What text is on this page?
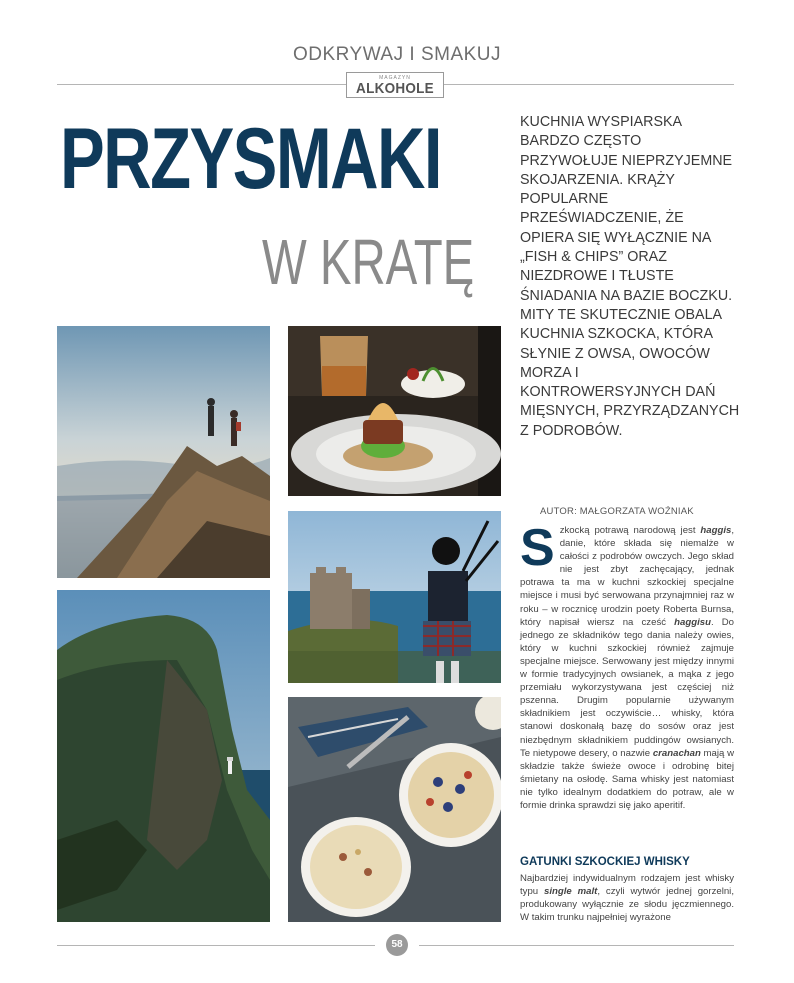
ODKRYWAJ I SMAKUJ
MAGAZYN
ALKOHOLE
PRZYSMAKI
W KRATĘ
KUCHNIA WYSPIARSKA BARDZO CZĘSTO PRZYWOŁUJE NIEPRZYJEMNE SKOJARZENIA. KRĄŻY POPULARNE PRZEŚWIADCZENIE, ŻE OPIERA SIĘ WYŁĄCZNIE NA „FISH & CHIPS” ORAZ NIEZDROWE I TŁUSTE ŚNIADANIA NA BAZIE BOCZKU. MITY TE SKUTECZNIE OBALA KUCHNIA SZKOCKA, KTÓRA SŁYNIE Z OWSA, OWOCÓW MORZA I KONTROWERSYJNYCH DAŃ MIĘSNYCH, PRZYRZĄDZANYCH Z PODROBÓW.
AUTOR: MAŁGORZATA WOŹNIAK
Szkocką potrawą narodową jest haggis, danie, które składa się niemalże w całości z podrobów owczych. Jego skład nie jest zbyt zachęcający, jednak potrawa ta ma w kuchni szkockiej specjalne miejsce i musi być serwowana przynajmniej raz w roku – w rocznicę urodzin poety Roberta Burnsa, który napisał wiersz na cześć haggisu. Do jednego ze składników tego dania należy owies, który w kuchni szkockiej również zajmuje specjalne miejsce. Serwowany jest między innymi w formie tradycyjnych owsianek, a mąka z jego przemiału wykorzystywana jest częściej niż pszenna. Drugim popularnie używanym składnikiem jest oczywiście… whisky, która stanowi doskonałą bazę do sosów oraz jest niezbędnym składnikiem puddingów owsianych. Te nietypowe desery, o nazwie cranachan mają w składzie także świeże owoce i odrobinę bitej śmietany na osłodę. Sama whisky jest natomiast nie tylko idealnym dodatkiem do potraw, ale w formie drinka sprawdzi się jako aperitif.
GATUNKI SZKOCKIEJ WHISKY
Najbardziej indywidualnym rodzajem jest whisky typu single malt, czyli wytwór jednej gorzelni, produkowany wyłącznie ze słodu jęczmiennego. W takim trunku najpełniej wyrażone
58
